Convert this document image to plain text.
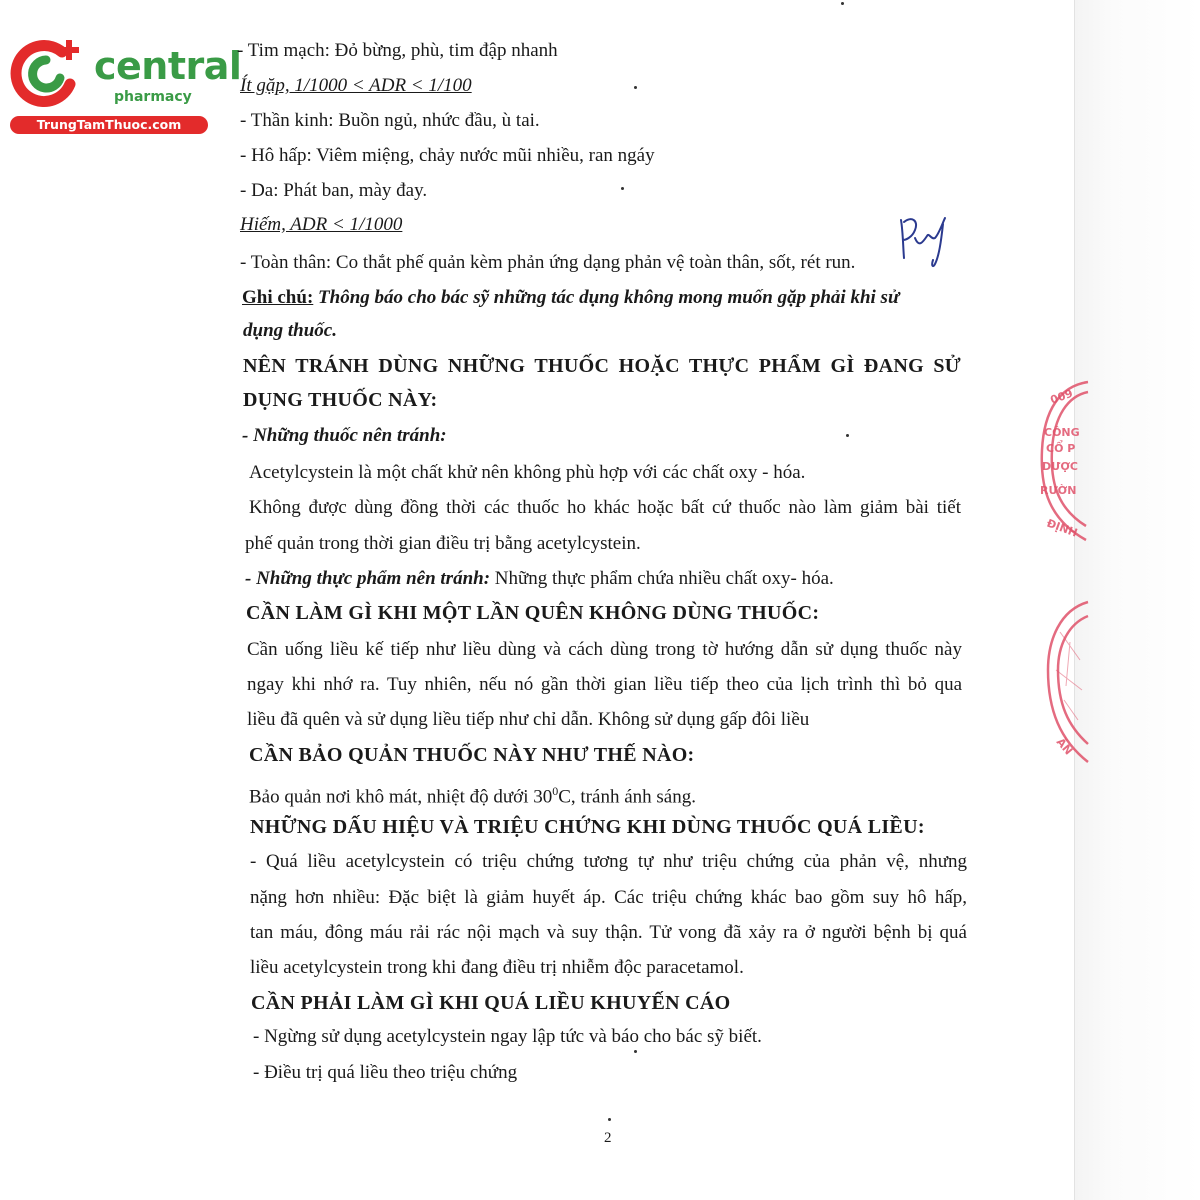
central

pharmacy

TrungTamThuoc.com

- Tim mạch: Đỏ bừng, phù, tim đập nhanh

Ít gặp, 1/1000 < ADR < 1/100

- Thần kinh: Buồn ngủ, nhức đầu, ù tai.

- Hô hấp: Viêm miệng, chảy nước mũi nhiều, ran ngáy

- Da: Phát ban, mày đay.

Hiếm, ADR < 1/1000

- Toàn thân: Co thắt phế quản kèm phản ứng dạng phản vệ toàn thân, sốt, rét run.

Ghi chú: Thông báo cho bác sỹ những tác dụng không mong muốn gặp phải khi sử

dụng thuốc.

NÊN TRÁNH DÙNG NHỮNG THUỐC HOẶC THỰC PHẨM GÌ ĐANG SỬ

DỤNG THUỐC NÀY:

- Những thuốc nên tránh:

Acetylcystein là một chất khử nên không phù hợp với các chất oxy - hóa.

Không được dùng đồng thời các thuốc ho khác hoặc bất cứ thuốc nào làm giảm bài tiết

phế quản trong thời gian điều trị bằng acetylcystein.

- Những thực phẩm nên tránh: Những thực phẩm chứa nhiều chất oxy- hóa.

CẦN LÀM GÌ KHI MỘT LẦN QUÊN KHÔNG DÙNG THUỐC:

Cần uống liều kế tiếp như liều dùng và cách dùng trong tờ hướng dẫn sử dụng thuốc này

ngay khi nhớ ra. Tuy nhiên, nếu nó gần thời gian liều tiếp theo của lịch trình thì bỏ qua

liều đã quên và sử dụng liều tiếp như chỉ dẫn. Không sử dụng gấp đôi liều

CẦN BẢO QUẢN THUỐC NÀY NHƯ THẾ NÀO:

Bảo quản nơi khô mát, nhiệt độ dưới $30^0C$, tránh ánh sáng.

NHỮNG DẤU HIỆU VÀ TRIỆU CHỨNG KHI DÙNG THUỐC QUÁ LIỀU:

- Quá liều acetylcystein có triệu chứng tương tự như triệu chứng của phản vệ, nhưng

nặng hơn nhiều: Đặc biệt là giảm huyết áp. Các triệu chứng khác bao gồm suy hô hấp,

tan máu, đông máu rải rác nội mạch và suy thận. Tử vong đã xảy ra ở người bệnh bị quá

liều acetylcystein trong khi đang điều trị nhiễm độc paracetamol.

CẦN PHẢI LÀM GÌ KHI QUÁ LIỀU KHUYẾN CÁO

- Ngừng sử dụng acetylcystein ngay lập tức và báo cho bác sỹ biết.

- Điều trị quá liều theo triệu chứng

2

009
CÔNG
CỔ P
DƯỢC
RƯỜN
ĐỊNH
ĂN
